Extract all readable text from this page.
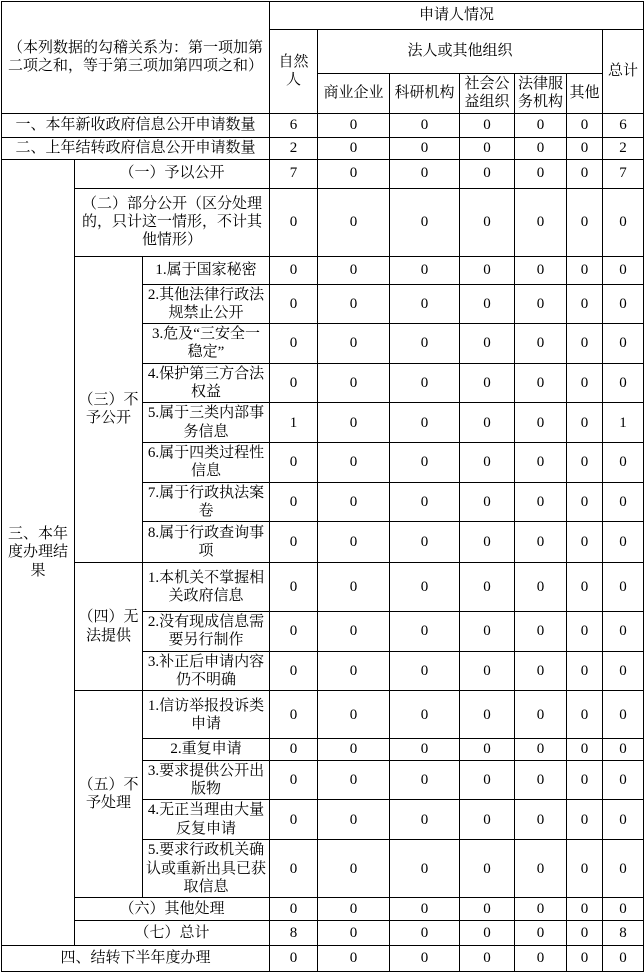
（本列数据的勾稽关系为：第一项加第二项之和，等于第三项加第四项之和）			申请人情况						
			自然人	法人或其他组织					总计
				商业企业	科研机构	社会公益组织	法律服务机构	其他	
一、本年新收政府信息公开申请数量			6	0	0	0	0	0	6
二、上年结转政府信息公开申请数量			2	0	0	0	0	0	2
三、本年度办理结果	（一）予以公开		7	0	0	0	0	0	7
	（二）部分公开（区分处理的，只计这一情形，不计其他情形）		0	0	0	0	0	0	0
	（三）不予公开	1.属于国家秘密	0	0	0	0	0	0	0
		2.其他法律行政法规禁止公开	0	0	0	0	0	0	0
		3.危及“三安全一稳定”	0	0	0	0	0	0	0
		4.保护第三方合法权益	0	0	0	0	0	0	0
		5.属于三类内部事务信息	1	0	0	0	0	0	1
		6.属于四类过程性信息	0	0	0	0	0	0	0
		7.属于行政执法案卷	0	0	0	0	0	0	0
		8.属于行政查询事项	0	0	0	0	0	0	0
	（四）无法提供	1.本机关不掌握相关政府信息	0	0	0	0	0	0	0
		2.没有现成信息需要另行制作	0	0	0	0	0	0	0
		3.补正后申请内容仍不明确	0	0	0	0	0	0	0
	（五）不予处理	1.信访举报投诉类申请	0	0	0	0	0	0	0
		2.重复申请	0	0	0	0	0	0	0
		3.要求提供公开出版物	0	0	0	0	0	0	0
		4.无正当理由大量反复申请	0	0	0	0	0	0	0
		5.要求行政机关确认或重新出具已获取信息	0	0	0	0	0	0	0
	（六）其他处理		0	0	0	0	0	0	0
	（七）总计		8	0	0	0	0	0	8
四、结转下半年度办理			0	0	0	0	0	0	0
